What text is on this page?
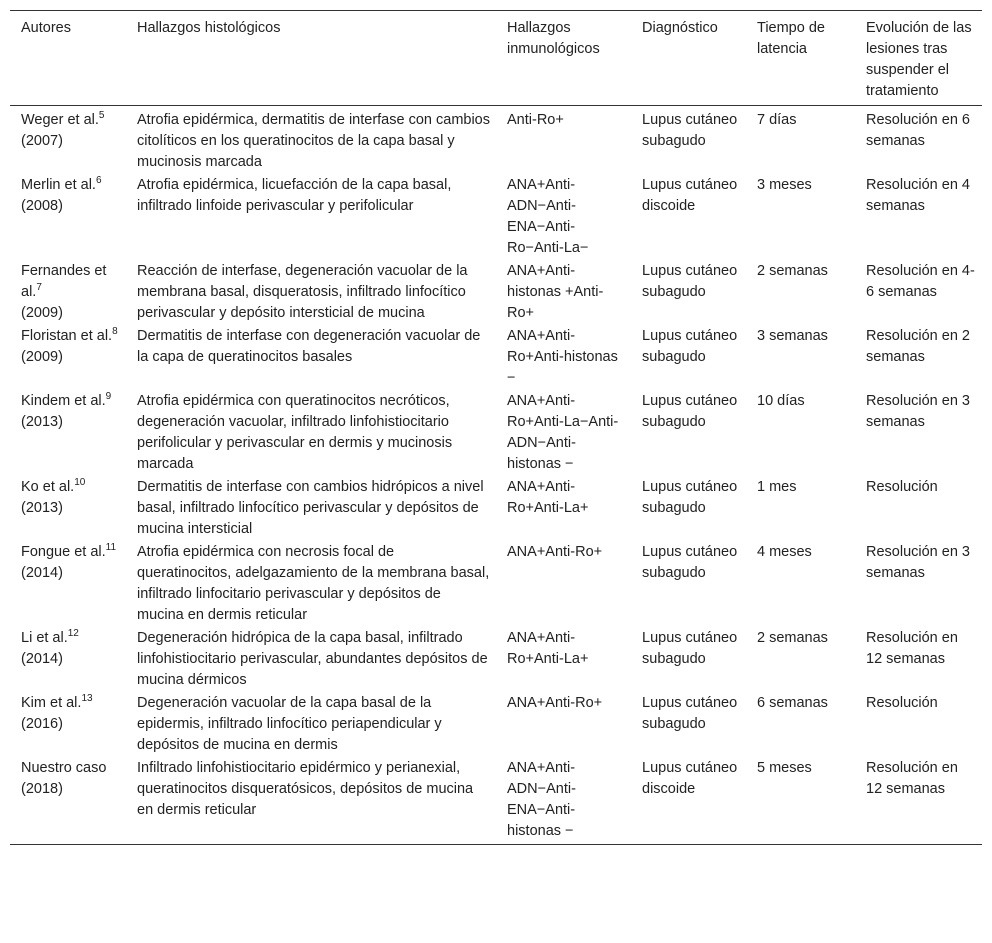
Autores	Hallazgos histológicos	Hallazgos inmunológicos	Diagnóstico	Tiempo de latencia	Evolución de las lesiones tras suspender el tratamiento
Weger et al.$^5$
(2007)	Atrofia epidérmica, dermatitis de interfase con cambios citolíticos en los queratinocitos de la capa basal y mucinosis marcada	Anti-Ro+	Lupus cutáneo subagudo	7 días	Resolución en 6 semanas
Merlin et al.$^6$
(2008)	Atrofia epidérmica, licuefacción de la capa basal, infiltrado linfoide perivascular y perifolicular	ANA+Anti-ADN−Anti-ENA−Anti-Ro−Anti-La−	Lupus cutáneo discoide	3 meses	Resolución en 4 semanas
Fernandes et al.$^7$
(2009)	Reacción de interfase, degeneración vacuolar de la membrana basal, disqueratosis, infiltrado linfocítico perivascular y depósito intersticial de mucina	ANA+Anti-histonas +Anti-Ro+	Lupus cutáneo subagudo	2 semanas	Resolución en 4-6 semanas
Floristan et al.$^8$
(2009)	Dermatitis de interfase con degeneración vacuolar de la capa de queratinocitos basales	ANA+Anti-Ro+Anti-histonas −	Lupus cutáneo subagudo	3 semanas	Resolución en 2 semanas
Kindem et al.$^9$
(2013)	Atrofia epidérmica con queratinocitos necróticos, degeneración vacuolar, infiltrado linfohistiocitario perifolicular y perivascular en dermis y mucinosis marcada	ANA+Anti-Ro+Anti-La−Anti-ADN−Anti-histonas −	Lupus cutáneo subagudo	10 días	Resolución en 3 semanas
Ko et al.$^{10}$
(2013)	Dermatitis de interfase con cambios hidrópicos a nivel basal, infiltrado linfocítico perivascular y depósitos de mucina intersticial	ANA+Anti-Ro+Anti-La+	Lupus cutáneo subagudo	1 mes	Resolución
Fongue et al.$^{11}$
(2014)	Atrofia epidérmica con necrosis focal de queratinocitos, adelgazamiento de la membrana basal, infiltrado linfocitario perivascular y depósitos de mucina en dermis reticular	ANA+Anti-Ro+	Lupus cutáneo subagudo	4 meses	Resolución en 3 semanas
Li et al.$^{12}$
(2014)	Degeneración hidrópica de la capa basal, infiltrado linfohistiocitario perivascular, abundantes depósitos de mucina dérmicos	ANA+Anti-Ro+Anti-La+	Lupus cutáneo subagudo	2 semanas	Resolución en 12 semanas
Kim et al.$^{13}$
(2016)	Degeneración vacuolar de la capa basal de la epidermis, infiltrado linfocítico periapendicular y depósitos de mucina en dermis	ANA+Anti-Ro+	Lupus cutáneo subagudo	6 semanas	Resolución
Nuestro caso
(2018)	Infiltrado linfohistiocitario epidérmico y perianexial, queratinocitos disqueratósicos, depósitos de mucina en dermis reticular	ANA+Anti-ADN−Anti-ENA−Anti-histonas −	Lupus cutáneo discoide	5 meses	Resolución en 12 semanas
